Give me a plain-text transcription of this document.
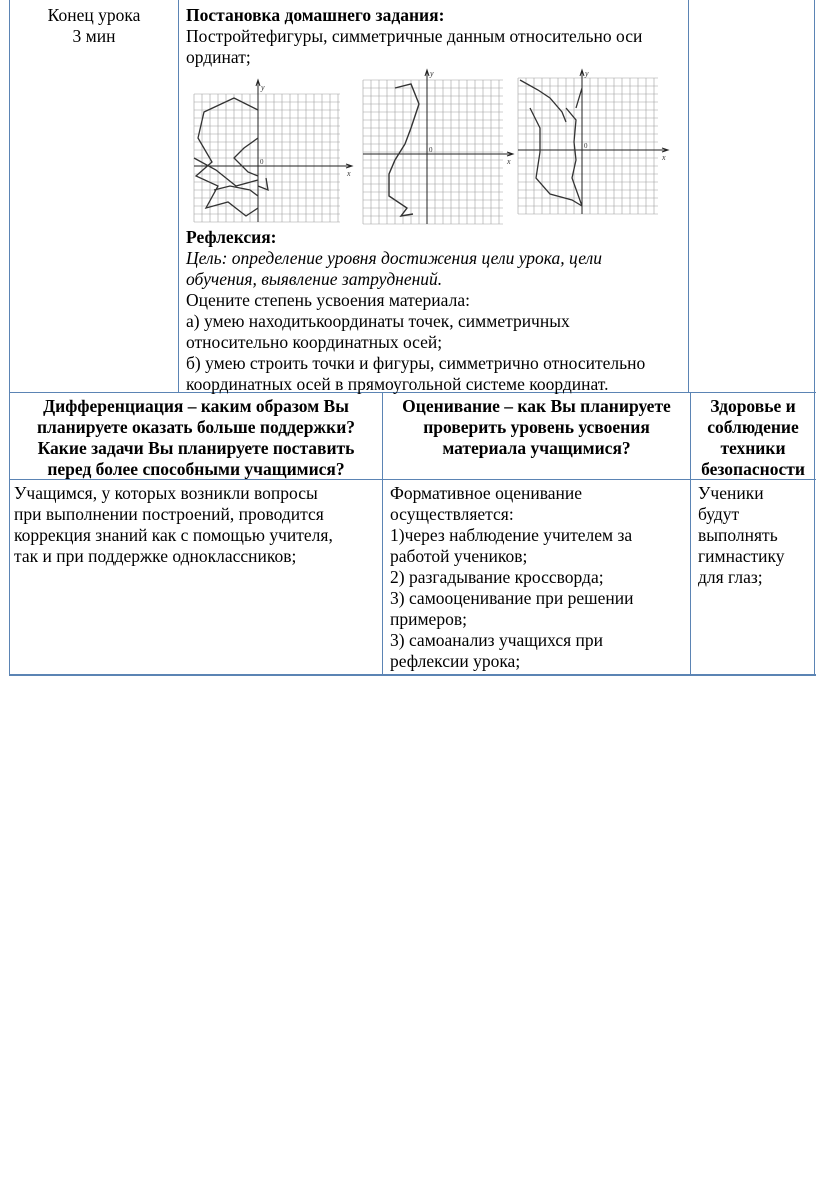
Конец урока
3 мин
Постановка домашнего задания:
Постройтефигуры, симметричные данным относительно оси
ординат;
y
x
0
y
x
0
y
x
0
Рефлексия:
Цель: определение уровня достижения цели урока, цели
обучения, выявление затруднений.
Оцените степень усвоения материала:
а) умею находитькоординаты точек, симметричных
относительно координатных осей;
б) умею строить точки и фигуры, симметрично относительно
координатных осей в прямоугольной системе координат.
Дифференциация – каким образом Вы
планируете оказать больше поддержки?
Какие задачи Вы планируете поставить
перед более способными учащимися?
Оценивание – как Вы планируете
проверить уровень усвоения
материала учащимися?
Здоровье и
соблюдение
техники
безопасности
Учащимся, у которых возникли вопросы
при выполнении построений, проводится
коррекция знаний как с помощью учителя,
так и при поддержке одноклассников;
Формативное оценивание
осуществляется:
1)через наблюдение учителем за
работой учеников;
2) разгадывание кроссворда;
3) самооценивание при решении
примеров;
3) самоанализ учащихся при
рефлексии урока;
Ученики
будут
выполнять
гимнастику
для глаз;
